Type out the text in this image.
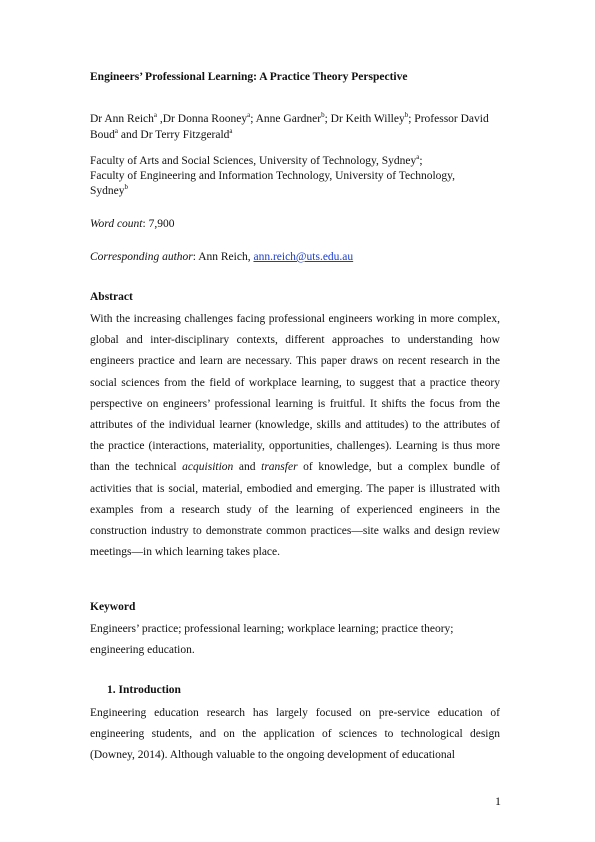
Engineers’ Professional Learning: A Practice Theory Perspective

Dr Ann Reich$^a$ ,Dr Donna Rooney$^a$; Anne Gardner$^b$; Dr Keith Willey$^b$; Professor David Boud$^a$ and Dr Terry Fitzgerald$^a$

Faculty of Arts and Social Sciences, University of Technology, Sydney$^a$;
Faculty of Engineering and Information Technology, University of Technology, Sydney$^b$

Word count: 7,900

Corresponding author: Ann Reich, ann.reich@uts.edu.au

Abstract

With the increasing challenges facing professional engineers working in more complex, global and inter-disciplinary contexts, different approaches to understanding how engineers practice and learn are necessary. This paper draws on recent research in the social sciences from the field of workplace learning, to suggest that a practice theory perspective on engineers’ professional learning is fruitful. It shifts the focus from the attributes of the individual learner (knowledge, skills and attitudes) to the attributes of the practice (interactions, materiality, opportunities, challenges). Learning is thus more than the technical acquisition and transfer of knowledge, but a complex bundle of activities that is social, material, embodied and emerging. The paper is illustrated with examples from a research study of the learning of experienced engineers in the construction industry to demonstrate common practices—site walks and design review meetings—in which learning takes place.

Keyword

Engineers’ practice; professional learning; workplace learning; practice theory; engineering education.

1. Introduction

Engineering education research has largely focused on pre-service education of engineering students, and on the application of sciences to technological design (Downey, 2014). Although valuable to the ongoing development of educational

1
